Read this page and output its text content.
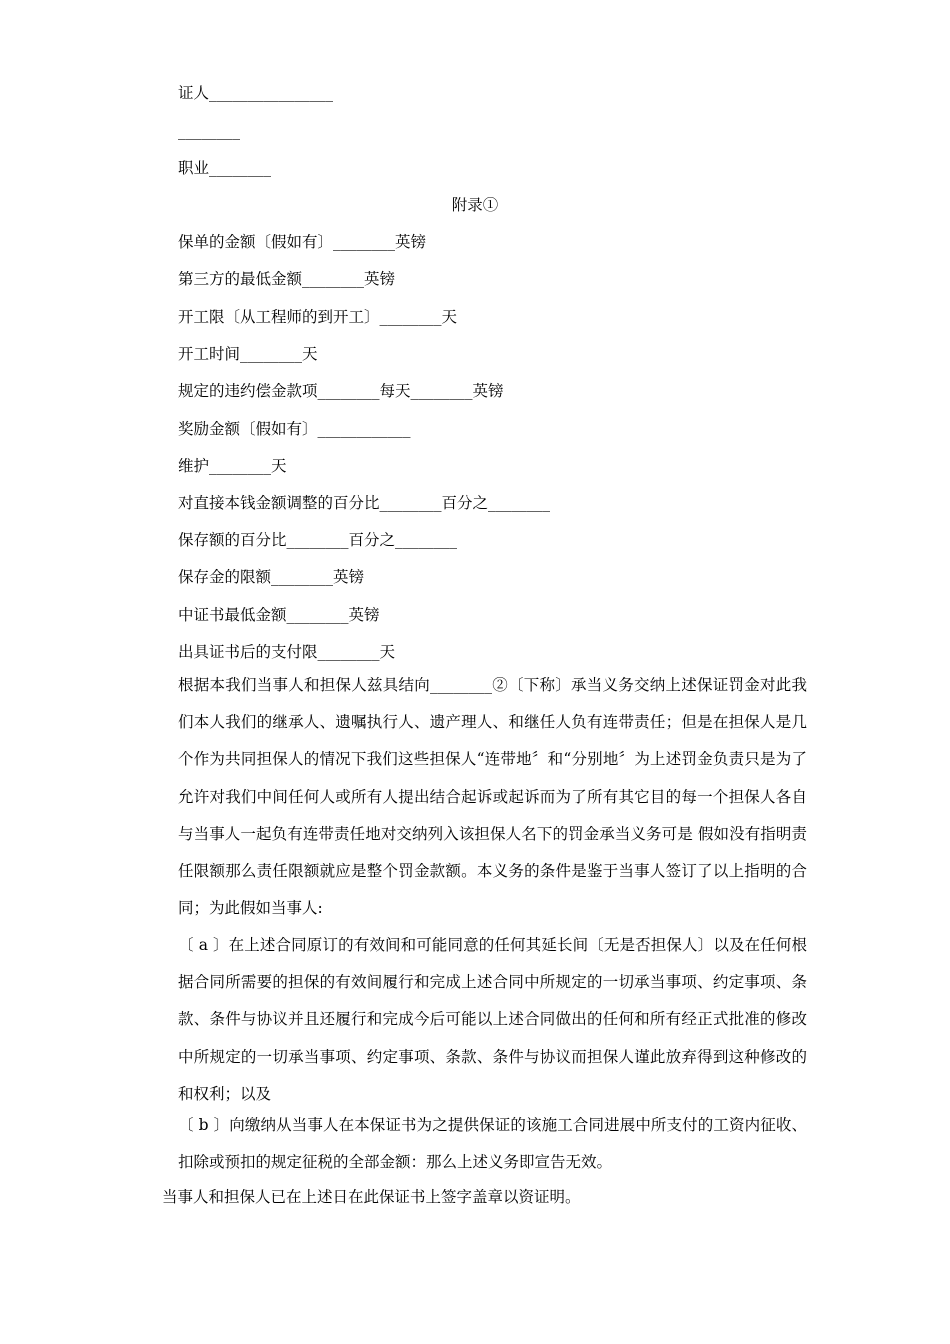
证人________________
________
职业________
附录①
保单的金额〔假如有〕________英镑
第三方的最低金额________英镑
开工限〔从工程师的到开工〕________天
开工时间________天
规定的违约偿金款项________每天________英镑
奖励金额〔假如有〕____________
维护________天
对直接本钱金额调整的百分比________百分之________
保存额的百分比________百分之________
保存金的限额________英镑
中证书最低金额________英镑
出具证书后的支付限________天
根据本我们当事人和担保人兹具结向________②〔下称〕承当义务交纳上述保证罚金对此我们本人我们的继承人、遗嘱执行人、遗产理人、和继任人负有连带责任；但是在担保人是几个作为共同担保人的情况下我们这些担保人“连带地〞和“分别地〞为上述罚金负责只是为了允许对我们中间任何人或所有人提出结合起诉或起诉而为了所有其它目的每一个担保人各自与当事人一起负有连带责任地对交纳列入该担保人名下的罚金承当义务可是 假如没有指明责任限额那么责任限额就应是整个罚金款额。本义务的条件是鉴于当事人签订了以上指明的合同；为此假如当事人:
〔 a 〕在上述合同原订的有效间和可能同意的任何其延长间〔无是否担保人〕以及在任何根据合同所需要的担保的有效间履行和完成上述合同中所规定的一切承当事项、约定事项、条款、条件与协议并且还履行和完成今后可能以上述合同做出的任何和所有经正式批准的修改中所规定的一切承当事项、约定事项、条款、条件与协议而担保人谨此放弃得到这种修改的和权利；以及
〔 b 〕向缴纳从当事人在本保证书为之提供保证的该施工合同进展中所支付的工资内征收、扣除或预扣的规定征税的全部金额：那么上述义务即宣告无效。
当事人和担保人已在上述日在此保证书上签字盖章以资证明。
